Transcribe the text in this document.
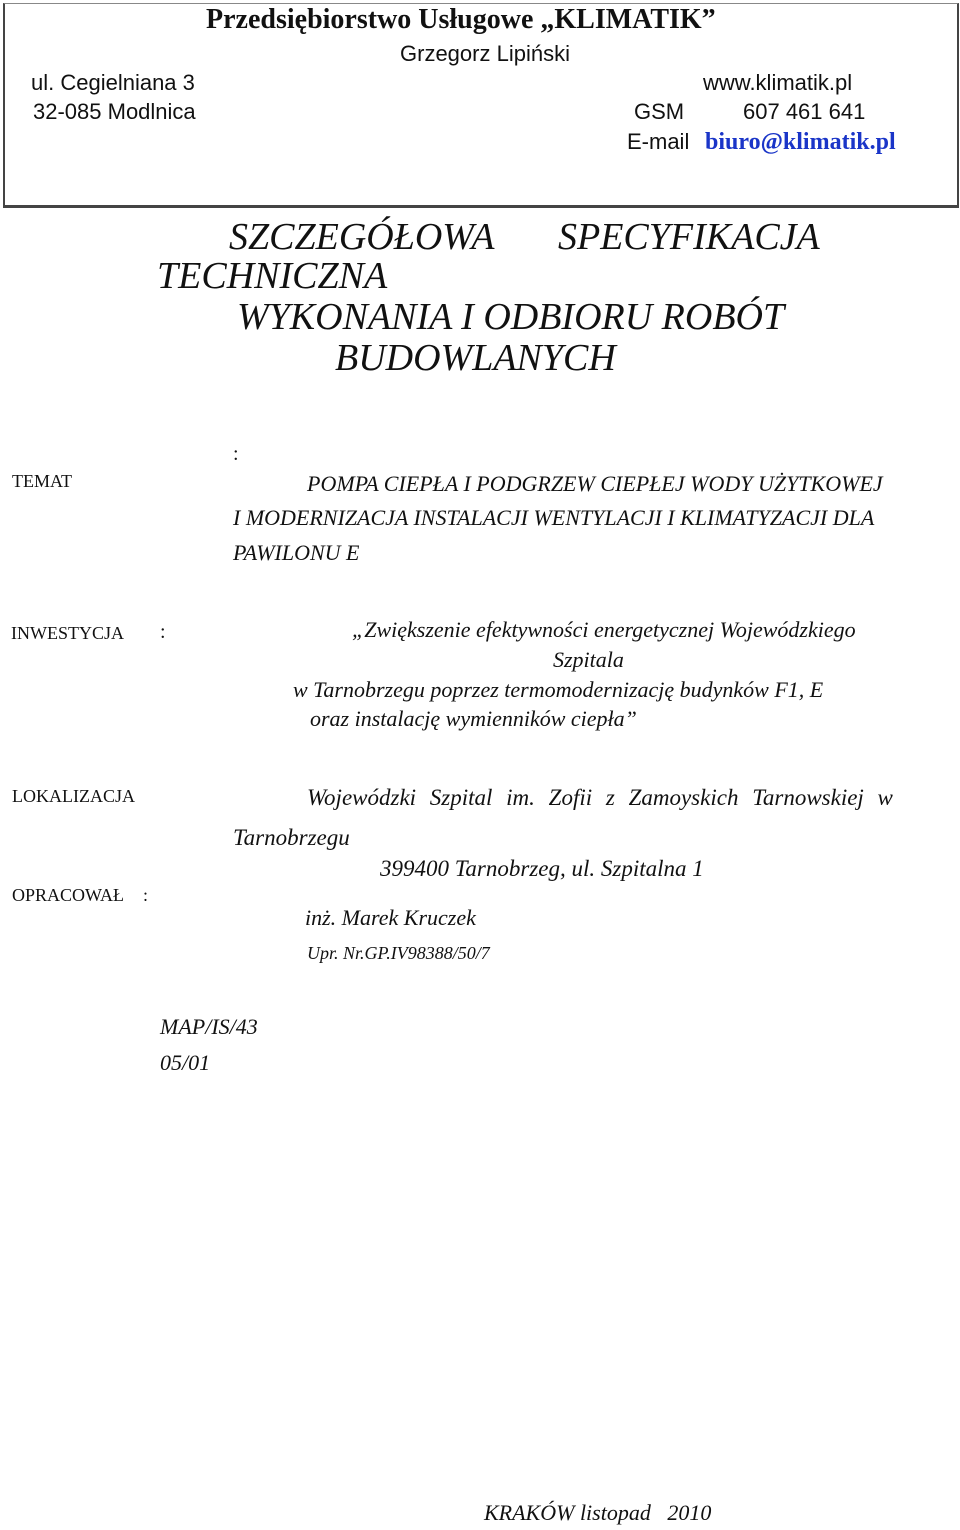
Przedsiębiorstwo Usługowe „KLIMATIK”
Grzegorz Lipiński
ul. Cegielniana 3
32-085 Modlnica
www.klimatik.pl
GSM	607 461 641
E-mail biuro@klimatik.pl
SZCZEGÓŁOWA SPECYFIKACJA
TECHNICZNA
WYKONANIA I ODBIORU ROBÓT
BUDOWLANYCH
:
TEMAT	POMPA CIEPŁA I PODGRZEW CIEPŁEJ WODY UŻYTKOWEJ
I MODERNIZACJA INSTALACJI WENTYLACJI I KLIMATYZACJI DLA
PAWILONU E
INWESTYCJA :	„Zwiększenie efektywności energetycznej Wojewódzkiego
Szpitala
w Tarnobrzegu poprzez termomodernizację budynków F1, E
oraz instalację wymienników ciepła”
LOKALIZACJA	Wojewódzki Szpital im. Zofii z Zamoyskich Tarnowskiej w
Tarnobrzegu
399400 Tarnobrzeg, ul. Szpitalna 1
OPRACOWAŁ :
inż. Marek Kruczek
Upr. Nr.GP.IV98388/50/7
MAP/IS/43
05/01
KRAKÓW listopad   2010
